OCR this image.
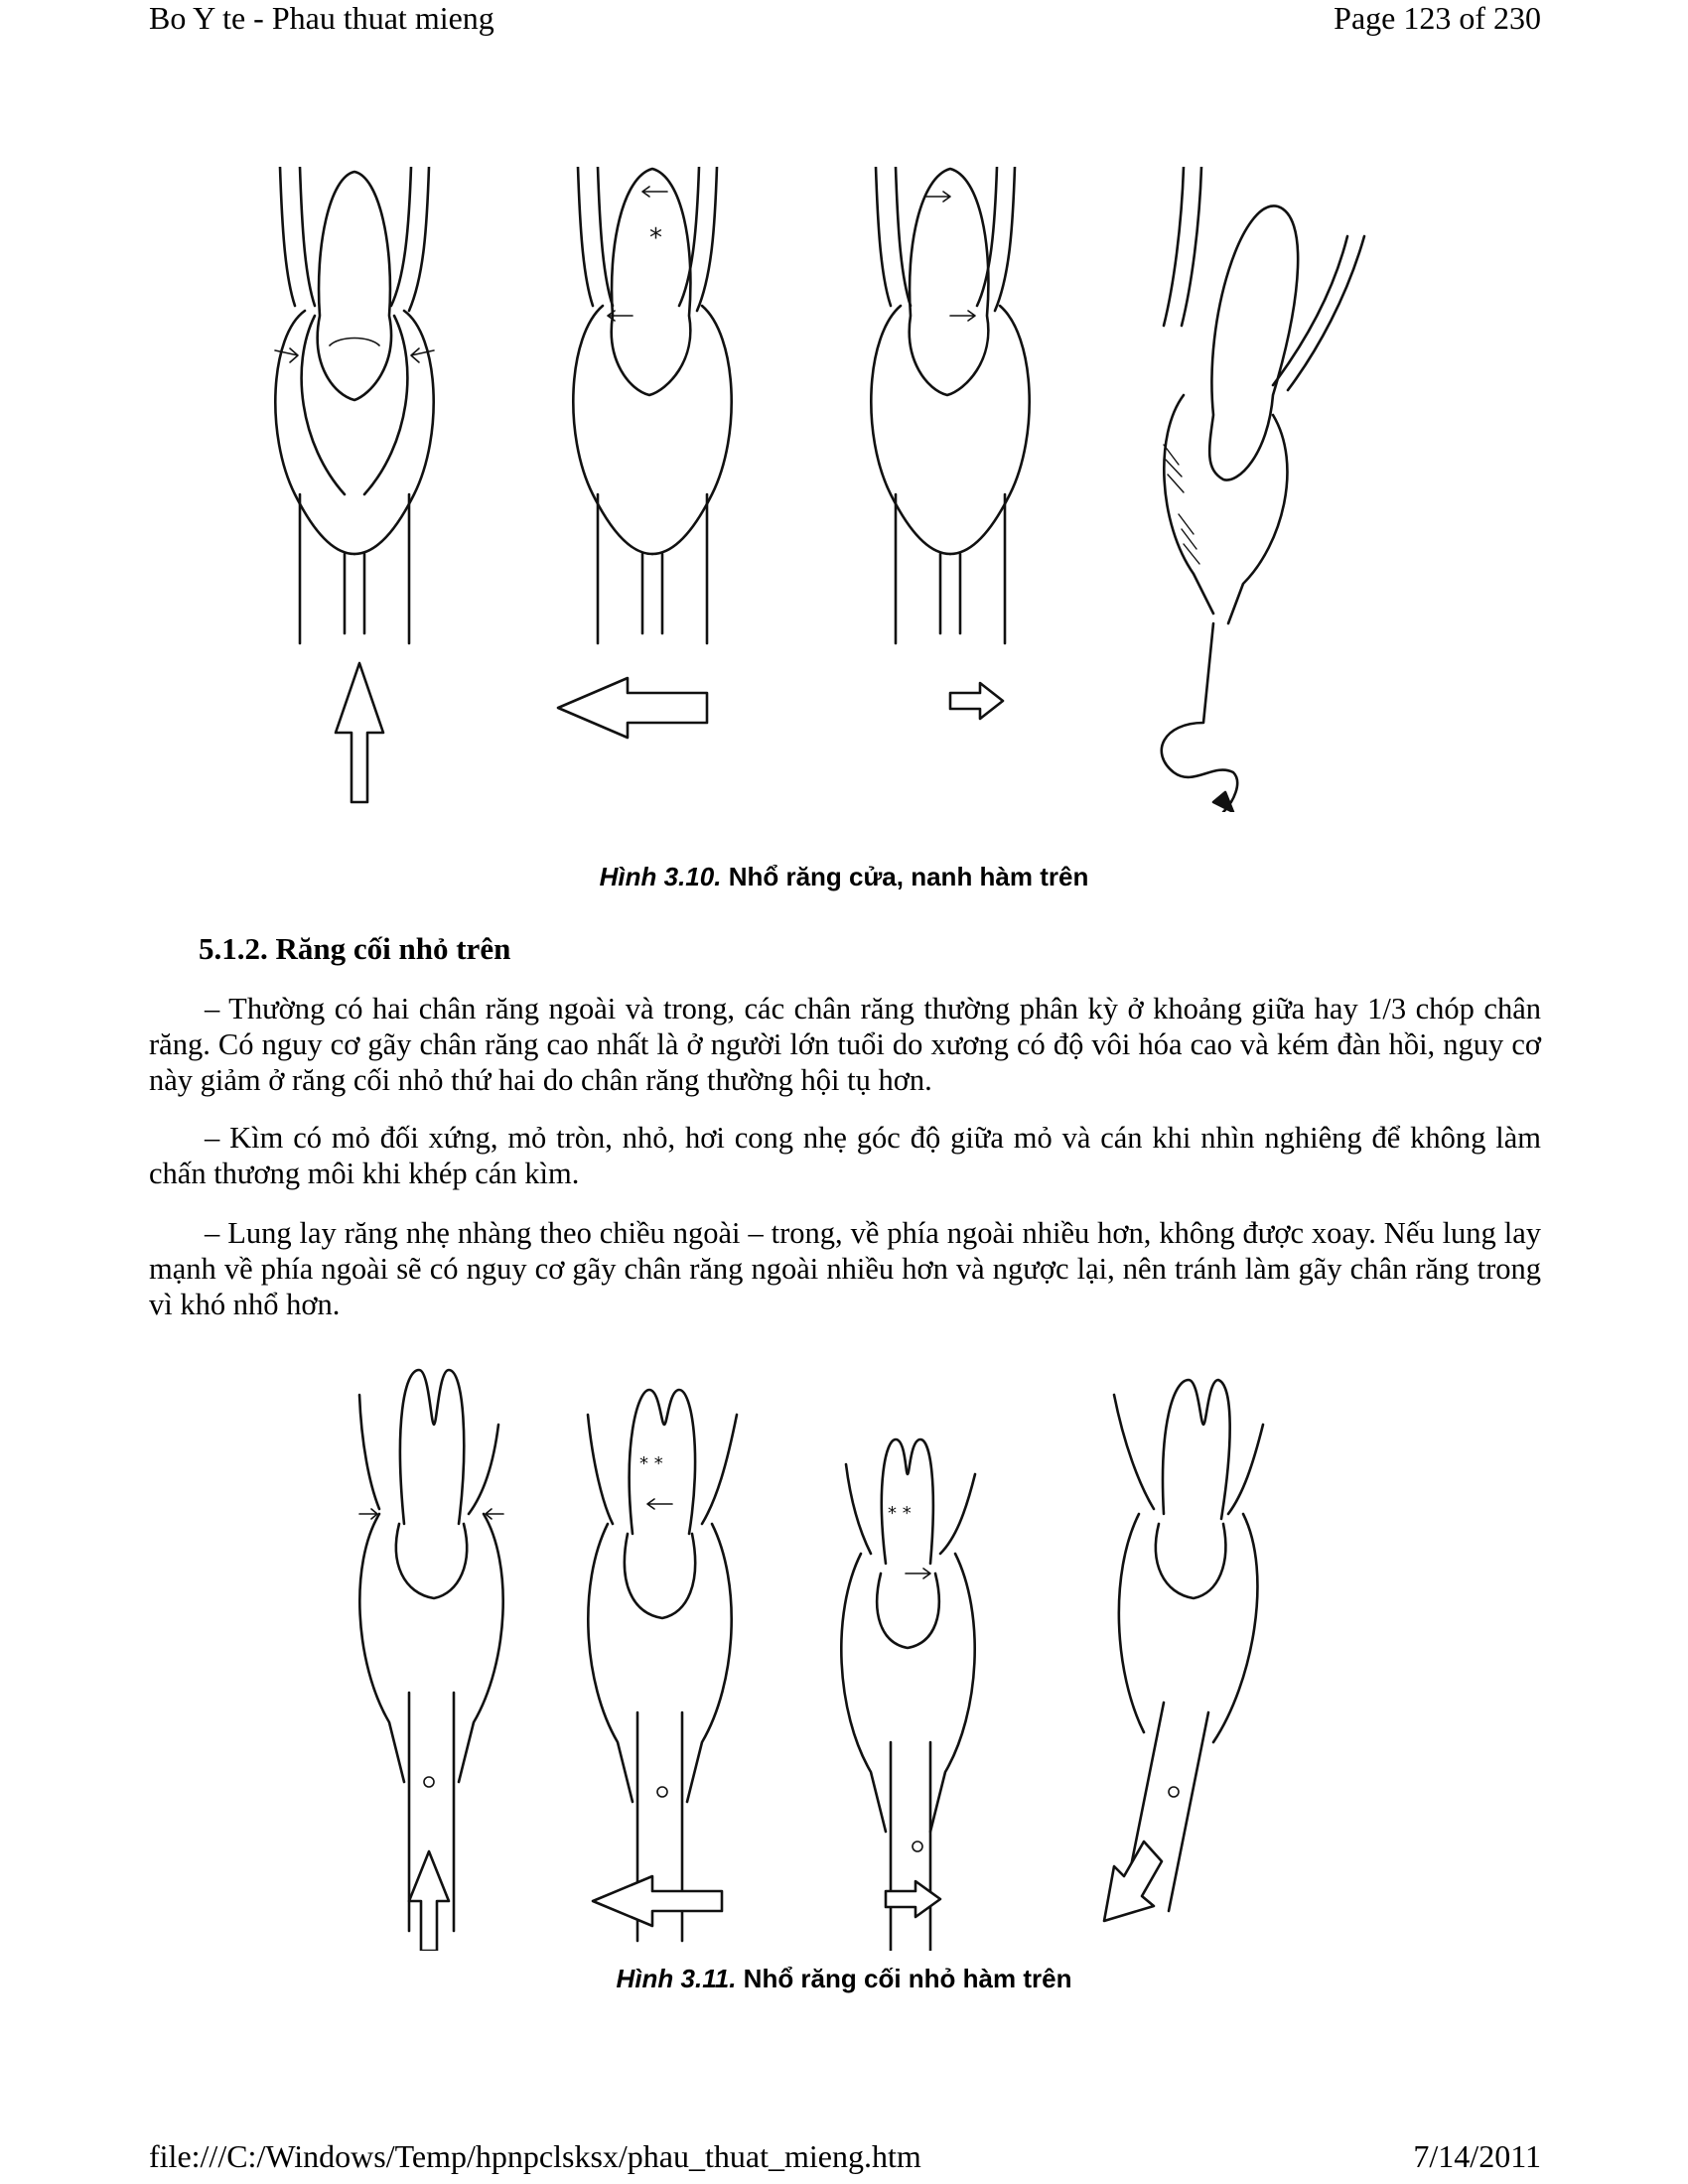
Bo Y te - Phau thuat mieng	Page 123 of 230
*
Hình 3.10. Nhổ răng cửa, nanh hàm trên
5.1.2. Răng cối nhỏ trên

– Thường có hai chân răng ngoài và trong, các chân răng thường phân kỳ ở khoảng giữa hay 1/3 chóp chân răng. Có nguy cơ gãy chân răng cao nhất là ở người lớn tuổi do xương có độ vôi hóa cao và kém đàn hồi, nguy cơ này giảm ở răng cối nhỏ thứ hai do chân răng thường hội tụ hơn.

– Kìm có mỏ đối xứng, mỏ tròn, nhỏ, hơi cong nhẹ góc độ giữa mỏ và cán khi nhìn nghiêng để không làm chấn thương môi khi khép cán kìm.

– Lung lay răng nhẹ nhàng theo chiều ngoài – trong, về phía ngoài nhiều hơn, không được xoay. Nếu lung lay mạnh về phía ngoài sẽ có nguy cơ gãy chân răng ngoài nhiều hơn và ngược lại, nên tránh làm gãy chân răng trong vì khó nhổ hơn.

* *
* *
Hình 3.11. Nhổ răng cối nhỏ hàm trên
file:///C:/Windows/Temp/hpnpclsksx/phau_thuat_mieng.htm	7/14/2011
